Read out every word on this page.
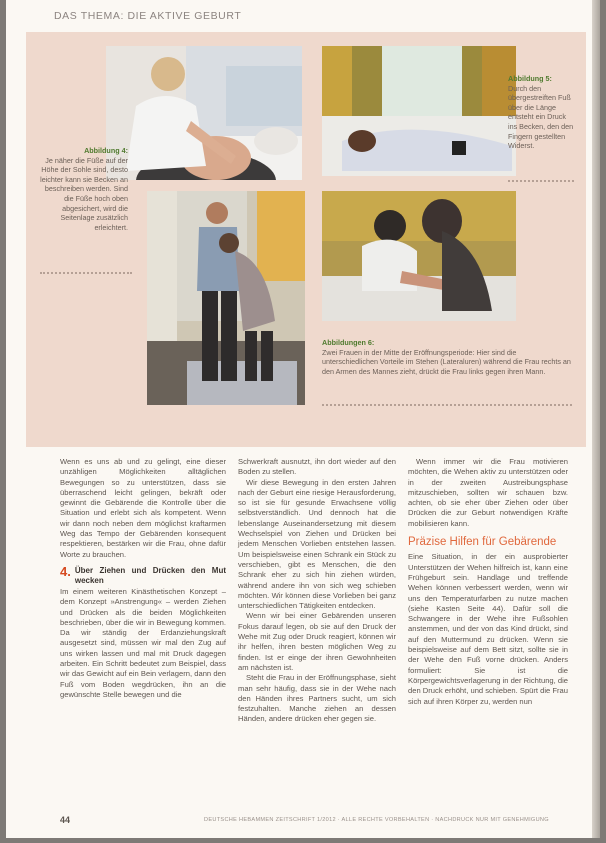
DAS THEMA: DIE AKTIVE GEBURT
Abbildung 4:
Je näher die Füße auf der Höhe der Sohle sind, desto leichter kann sie Becken an beschreiben werden. Sind die Füße hoch oben abgesichert, wird die Seitenlage zusätzlich erleichtert.
Abbildung 5:
Durch den übergestreiften Fuß über die Länge entsteht ein Druck ins Becken, den den Fingern gestellten Widerst.
Abbildungen 6:
Zwei Frauen in der Mitte der Eröffnungsperiode: Hier sind die unterschiedlichen Vorteile im Stehen (Lateraluren) während die Frau rechts an den Armen des Mannes zieht, drückt die Frau links gegen ihren Mann.

Wenn es uns ab und zu gelingt, eine dieser unzähligen Möglichkeiten alltäglichen Bewegungen so zu unterstützen, dass sie überraschend leicht gelingen, bekräft oder gewinnt die Gebärende die Kontrolle über die Situation und erlebt sich als kompetent. Wenn wir dann noch neben dem möglichst kraftarmen Weg das Tempo der Gebärenden konsequent respektieren, bestärken wir die Frau, ohne dafür Worte zu brauchen.

4. Über Ziehen und Drücken den Mut wecken

Im einem weiteren Kinästhetischen Konzept – dem Konzept »Anstrengung« – werden Ziehen und Drücken als die beiden Möglichkeiten beschrieben, über die wir in Bewegung kommen. Da wir ständig der Erdanziehungskraft ausgesetzt sind, müssen wir mal den Zug auf uns wirken lassen und mal mit Druck dagegen arbeiten. Ein Schritt bedeutet zum Beispiel, dass wir das Gewicht auf ein Bein verlagern, dann den Fuß vom Boden wegdrücken, ihn an die gewünschte Stelle bewegen und die

Schwerkraft ausnutzt, ihn dort wieder auf den Boden zu stellen.

Wir diese Bewegung in den ersten Jahren nach der Geburt eine riesige Herausforderung, so ist sie für gesunde Erwachsene völlig selbstverständlich. Und dennoch hat die lebenslange Auseinandersetzung mit diesem Wechselspiel von Ziehen und Drücken bei jedem Menschen Vorlieben entstehen lassen. Um beispielsweise einen Schrank ein Stück zu verschieben, gibt es Menschen, die den Schrank eher zu sich hin ziehen würden, während andere ihn von sich weg schieben möchten. Wir können diese Vorlieben bei ganz unterschiedlichen Tätigkeiten entdecken.

Wenn wir bei einer Gebärenden unseren Fokus darauf legen, ob sie auf den Druck der Wehe mit Zug oder Druck reagiert, können wir ihr helfen, ihren besten möglichen Weg zu finden. Ist er einge der ihren Gewohnheiten am nächsten ist.

Steht die Frau in der Eröffnungsphase, sieht man sehr häufig, dass sie in der Wehe nach den Händen ihres Partners sucht, um sich festzuhalten. Manche ziehen an dessen Händen, andere drücken eher gegen sie.

Wenn immer wir die Frau motivieren möchten, die Wehen aktiv zu unterstützen oder in der zweiten Austreibungsphase mitzuschieben, sollten wir schauen bzw. achten, ob sie eher über Ziehen oder über Drücken die zur Geburt notwendigen Kräfte mobilisieren kann.

Präzise Hilfen für Gebärende

Eine Situation, in der ein ausprobierter Unterstützen der Wehen hilfreich ist, kann eine Frühgeburt sein. Handlage und treffende Wehen können verbessert werden, wenn wir uns den Temperaturfarben zu nutze machen (siehe Kasten Seite 44). Dafür soll die Schwangere in der Wehe ihre Fußsohlen anstemmen, und der von das Kind drückt, sind auf den Muttermund zu drücken. Wenn sie beispielsweise auf dem Bett sitzt, sollte sie in der Wehe den Fuß vorne drücken. Anders formuliert: Sie ist die Körpergewichtsverlagerung in der Richtung, die den Druck erhöht, und schieben. Spürt die Frau sich auf ihren Körper zu, werden nun

44	DEUTSCHE HEBAMMEN ZEITSCHRIFT 1/2012 · ALLE RECHTE VORBEHALTEN · NACHDRUCK NUR MIT GENEHMIGUNG
